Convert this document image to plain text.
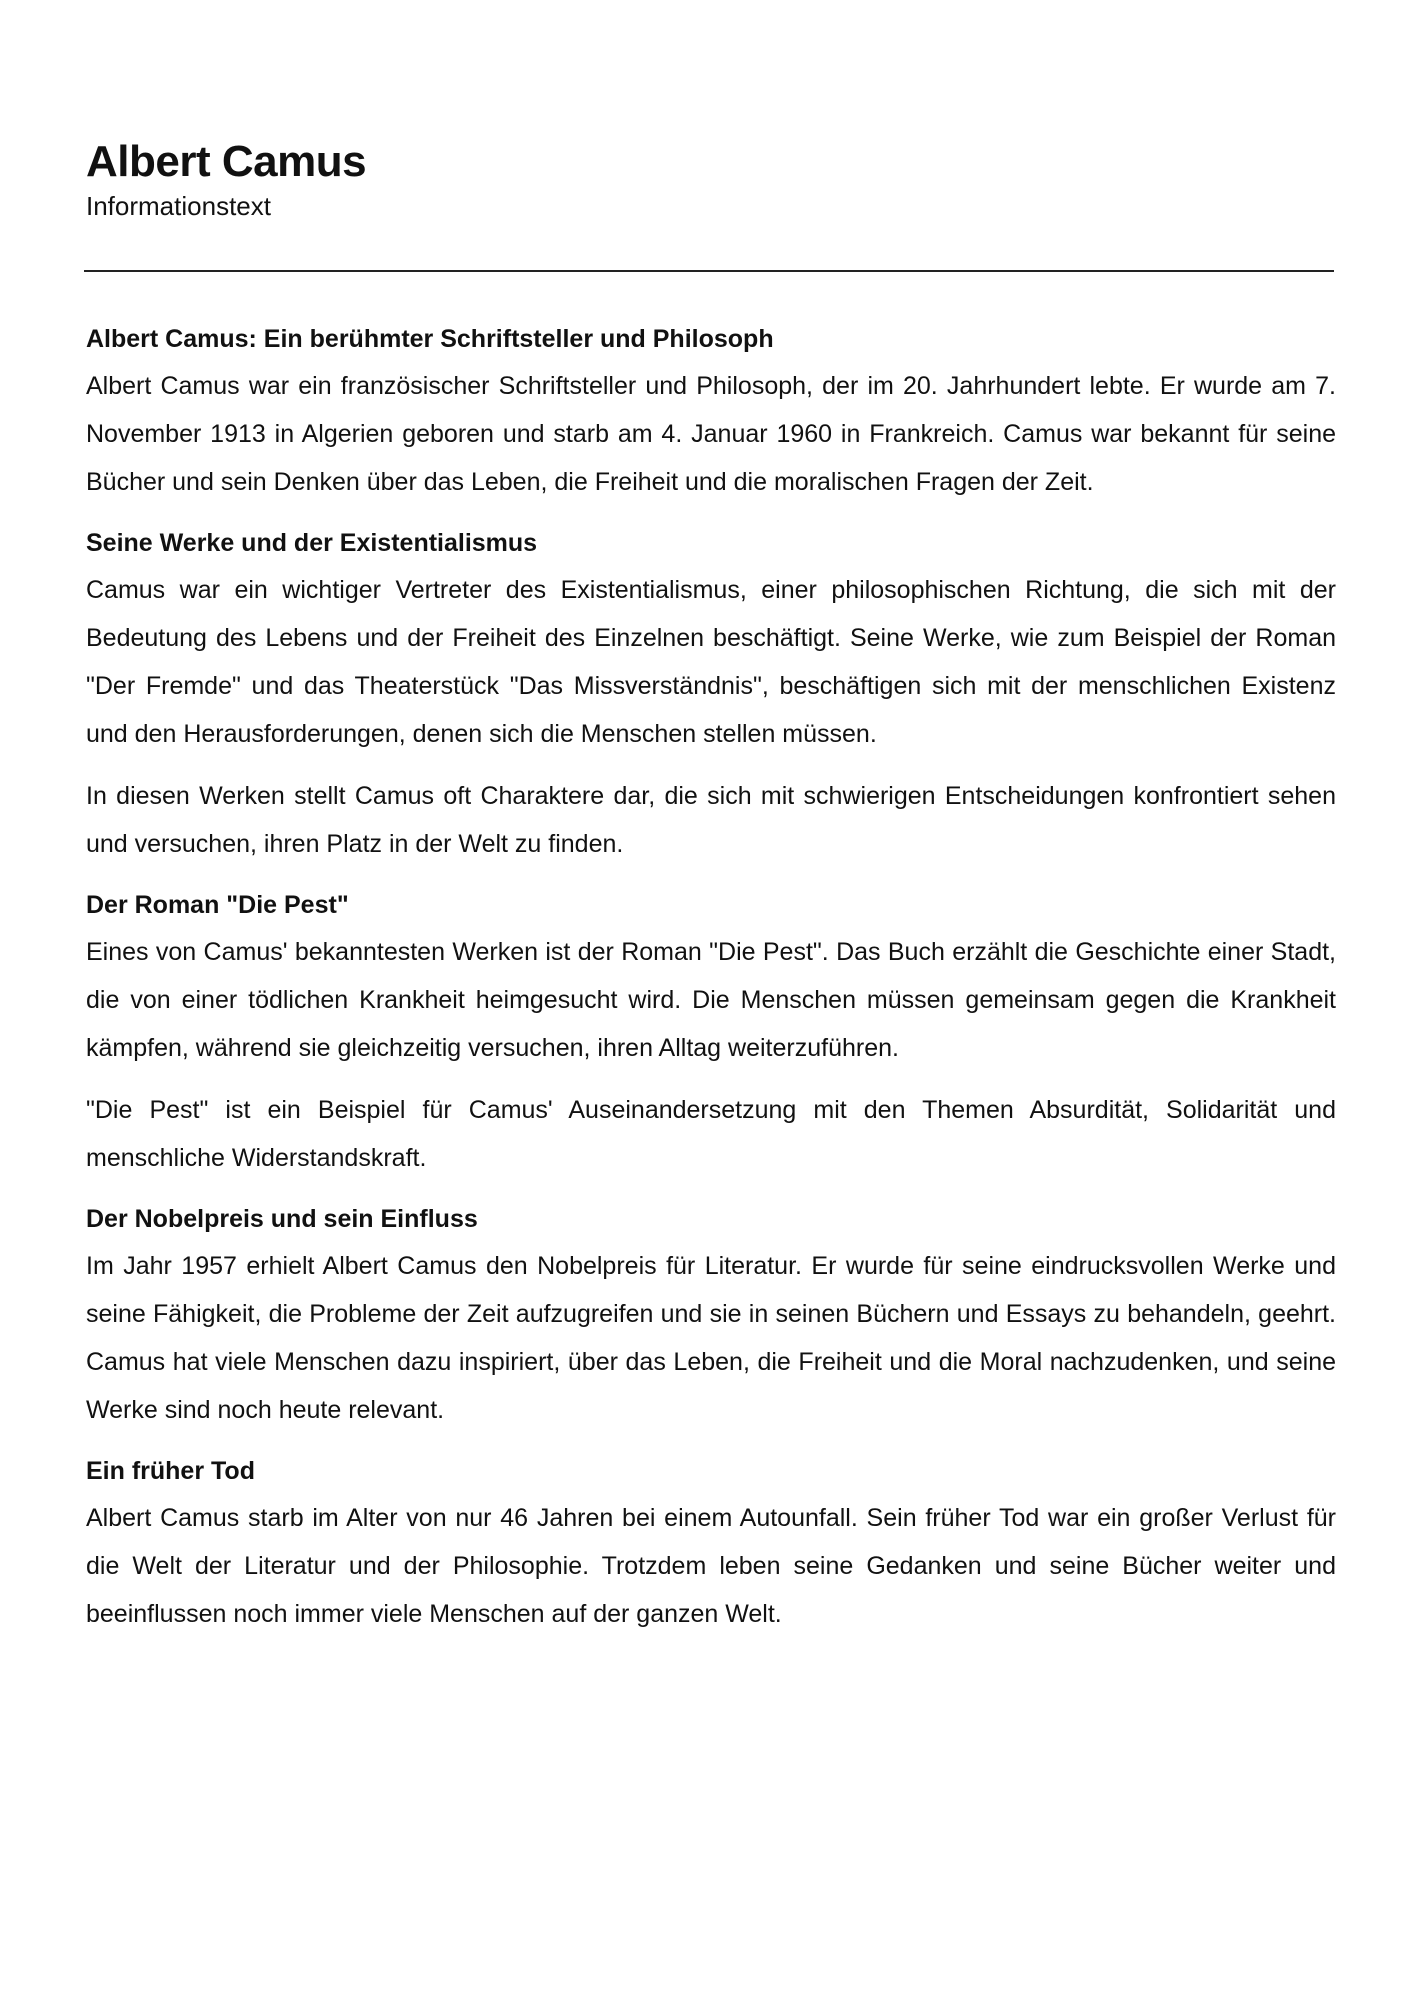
Albert Camus
Informationstext
Albert Camus: Ein berühmter Schriftsteller und Philosoph

Albert Camus war ein französischer Schriftsteller und Philosoph, der im 20. Jahrhundert lebte. Er wurde am 7. November 1913 in Algerien geboren und starb am 4. Januar 1960 in Frankreich. Camus war bekannt für seine Bücher und sein Denken über das Leben, die Freiheit und die moralischen Fragen der Zeit.

Seine Werke und der Existentialismus

Camus war ein wichtiger Vertreter des Existentialismus, einer philosophischen Richtung, die sich mit der Bedeutung des Lebens und der Freiheit des Einzelnen beschäftigt. Seine Werke, wie zum Beispiel der Roman "Der Fremde" und das Theaterstück "Das Missverständnis", beschäftigen sich mit der menschlichen Existenz und den Herausforderungen, denen sich die Menschen stellen müssen.

In diesen Werken stellt Camus oft Charaktere dar, die sich mit schwierigen Entscheidungen konfrontiert sehen und versuchen, ihren Platz in der Welt zu finden.

Der Roman "Die Pest"

Eines von Camus' bekanntesten Werken ist der Roman "Die Pest". Das Buch erzählt die Geschichte einer Stadt, die von einer tödlichen Krankheit heimgesucht wird. Die Menschen müssen gemeinsam gegen die Krankheit kämpfen, während sie gleichzeitig versuchen, ihren Alltag weiterzuführen.

"Die Pest" ist ein Beispiel für Camus' Auseinandersetzung mit den Themen Absurdität, Solidarität und menschliche Widerstandskraft.

Der Nobelpreis und sein Einfluss

Im Jahr 1957 erhielt Albert Camus den Nobelpreis für Literatur. Er wurde für seine eindrucksvollen Werke und seine Fähigkeit, die Probleme der Zeit aufzugreifen und sie in seinen Büchern und Essays zu behandeln, geehrt. Camus hat viele Menschen dazu inspiriert, über das Leben, die Freiheit und die Moral nachzudenken, und seine Werke sind noch heute relevant.

Ein früher Tod

Albert Camus starb im Alter von nur 46 Jahren bei einem Autounfall. Sein früher Tod war ein großer Verlust für die Welt der Literatur und der Philosophie. Trotzdem leben seine Gedanken und seine Bücher weiter und beeinflussen noch immer viele Menschen auf der ganzen Welt.
